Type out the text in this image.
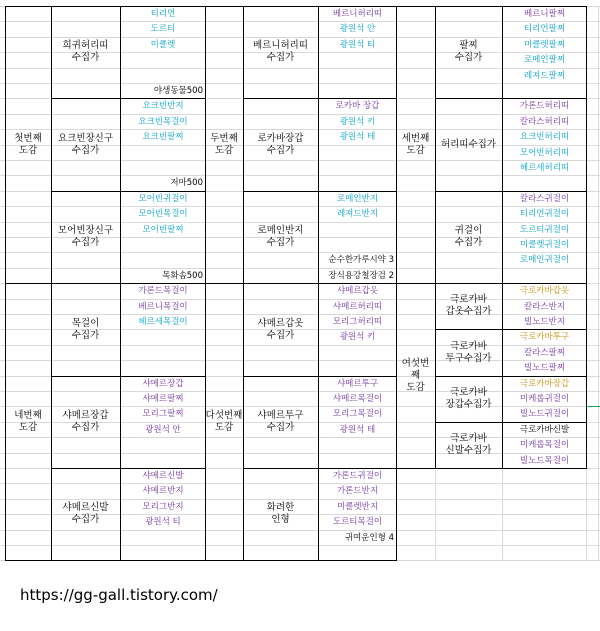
첫번째
도감
희귀허리띠
수집가
티리언
도르티
미클렛
야생동물500
요크빈장신구
수집가
요크빈반지
요크빈목걸이
요크빈팔찌
저마500
모어빈장신구
수집가
모어빈귀걸이
모어빈목걸이
모어빈팔찌
목화솜500
두번째
도감
베르니허리띠
수집가
베르니허리띠
광원석 안
광원석 티
로카바장갑
수집가
로카바 장갑
광원석 키
광원석 테
로메인반지
수집가
로메인반지
레져드반지
순수한가루시약 3
장식용강철장검 2
세번째
도감
팔찌
수집가
베르니팔찌
티리언팔찌
미클렛팔찌
로메인팔찌
레져드팔찌
허리띠수집가
가론드허리띠
칼라스허리띠
요크빈허리띠
모어빈허리띠
헤르세허리띠
귀걸이
수집가
칼라스귀걸이
티리언귀걸이
도르티귀걸이
미클렛귀걸이
로메인귀걸이
네번째
도감
목걸이
수집가
가론드목걸이
베르니목걸이
헤르세목걸이
샤메르장갑
수집가
샤메르장갑
샤메르팔찌
모리그팔찌
광원석 안
샤메르신발
수집가
샤메르신발
샤메르반지
모리그반지
광원석 티
다섯번째
도감
샤메르갑옷
수집가
샤메르갑옷
샤메르허리띠
모리그허리띠
광원석 키
샤메르투구
수집가
샤메르투구
샤메르목걸이
모리그목걸이
광원석 테
화려한
인형
가론드귀걸이
가론드반지
미클렛반지
도르티목걸이
귀여운인형 4
여섯번
째
도감
극로카바
갑옷수집가
극로카바갑옷
칼라스반지
빌노드반지
극로카바
투구수집가
극로카바투구
칼라스팔찌
빌노드팔찌
극로카바
장갑수집가
극로카바장갑
미케롭귀걸이
빌노드귀걸이
극로카바
신발수집가
극로카바신발
미케롭목걸이
빌노드목걸이
https://gg-gall.tistory.com/
